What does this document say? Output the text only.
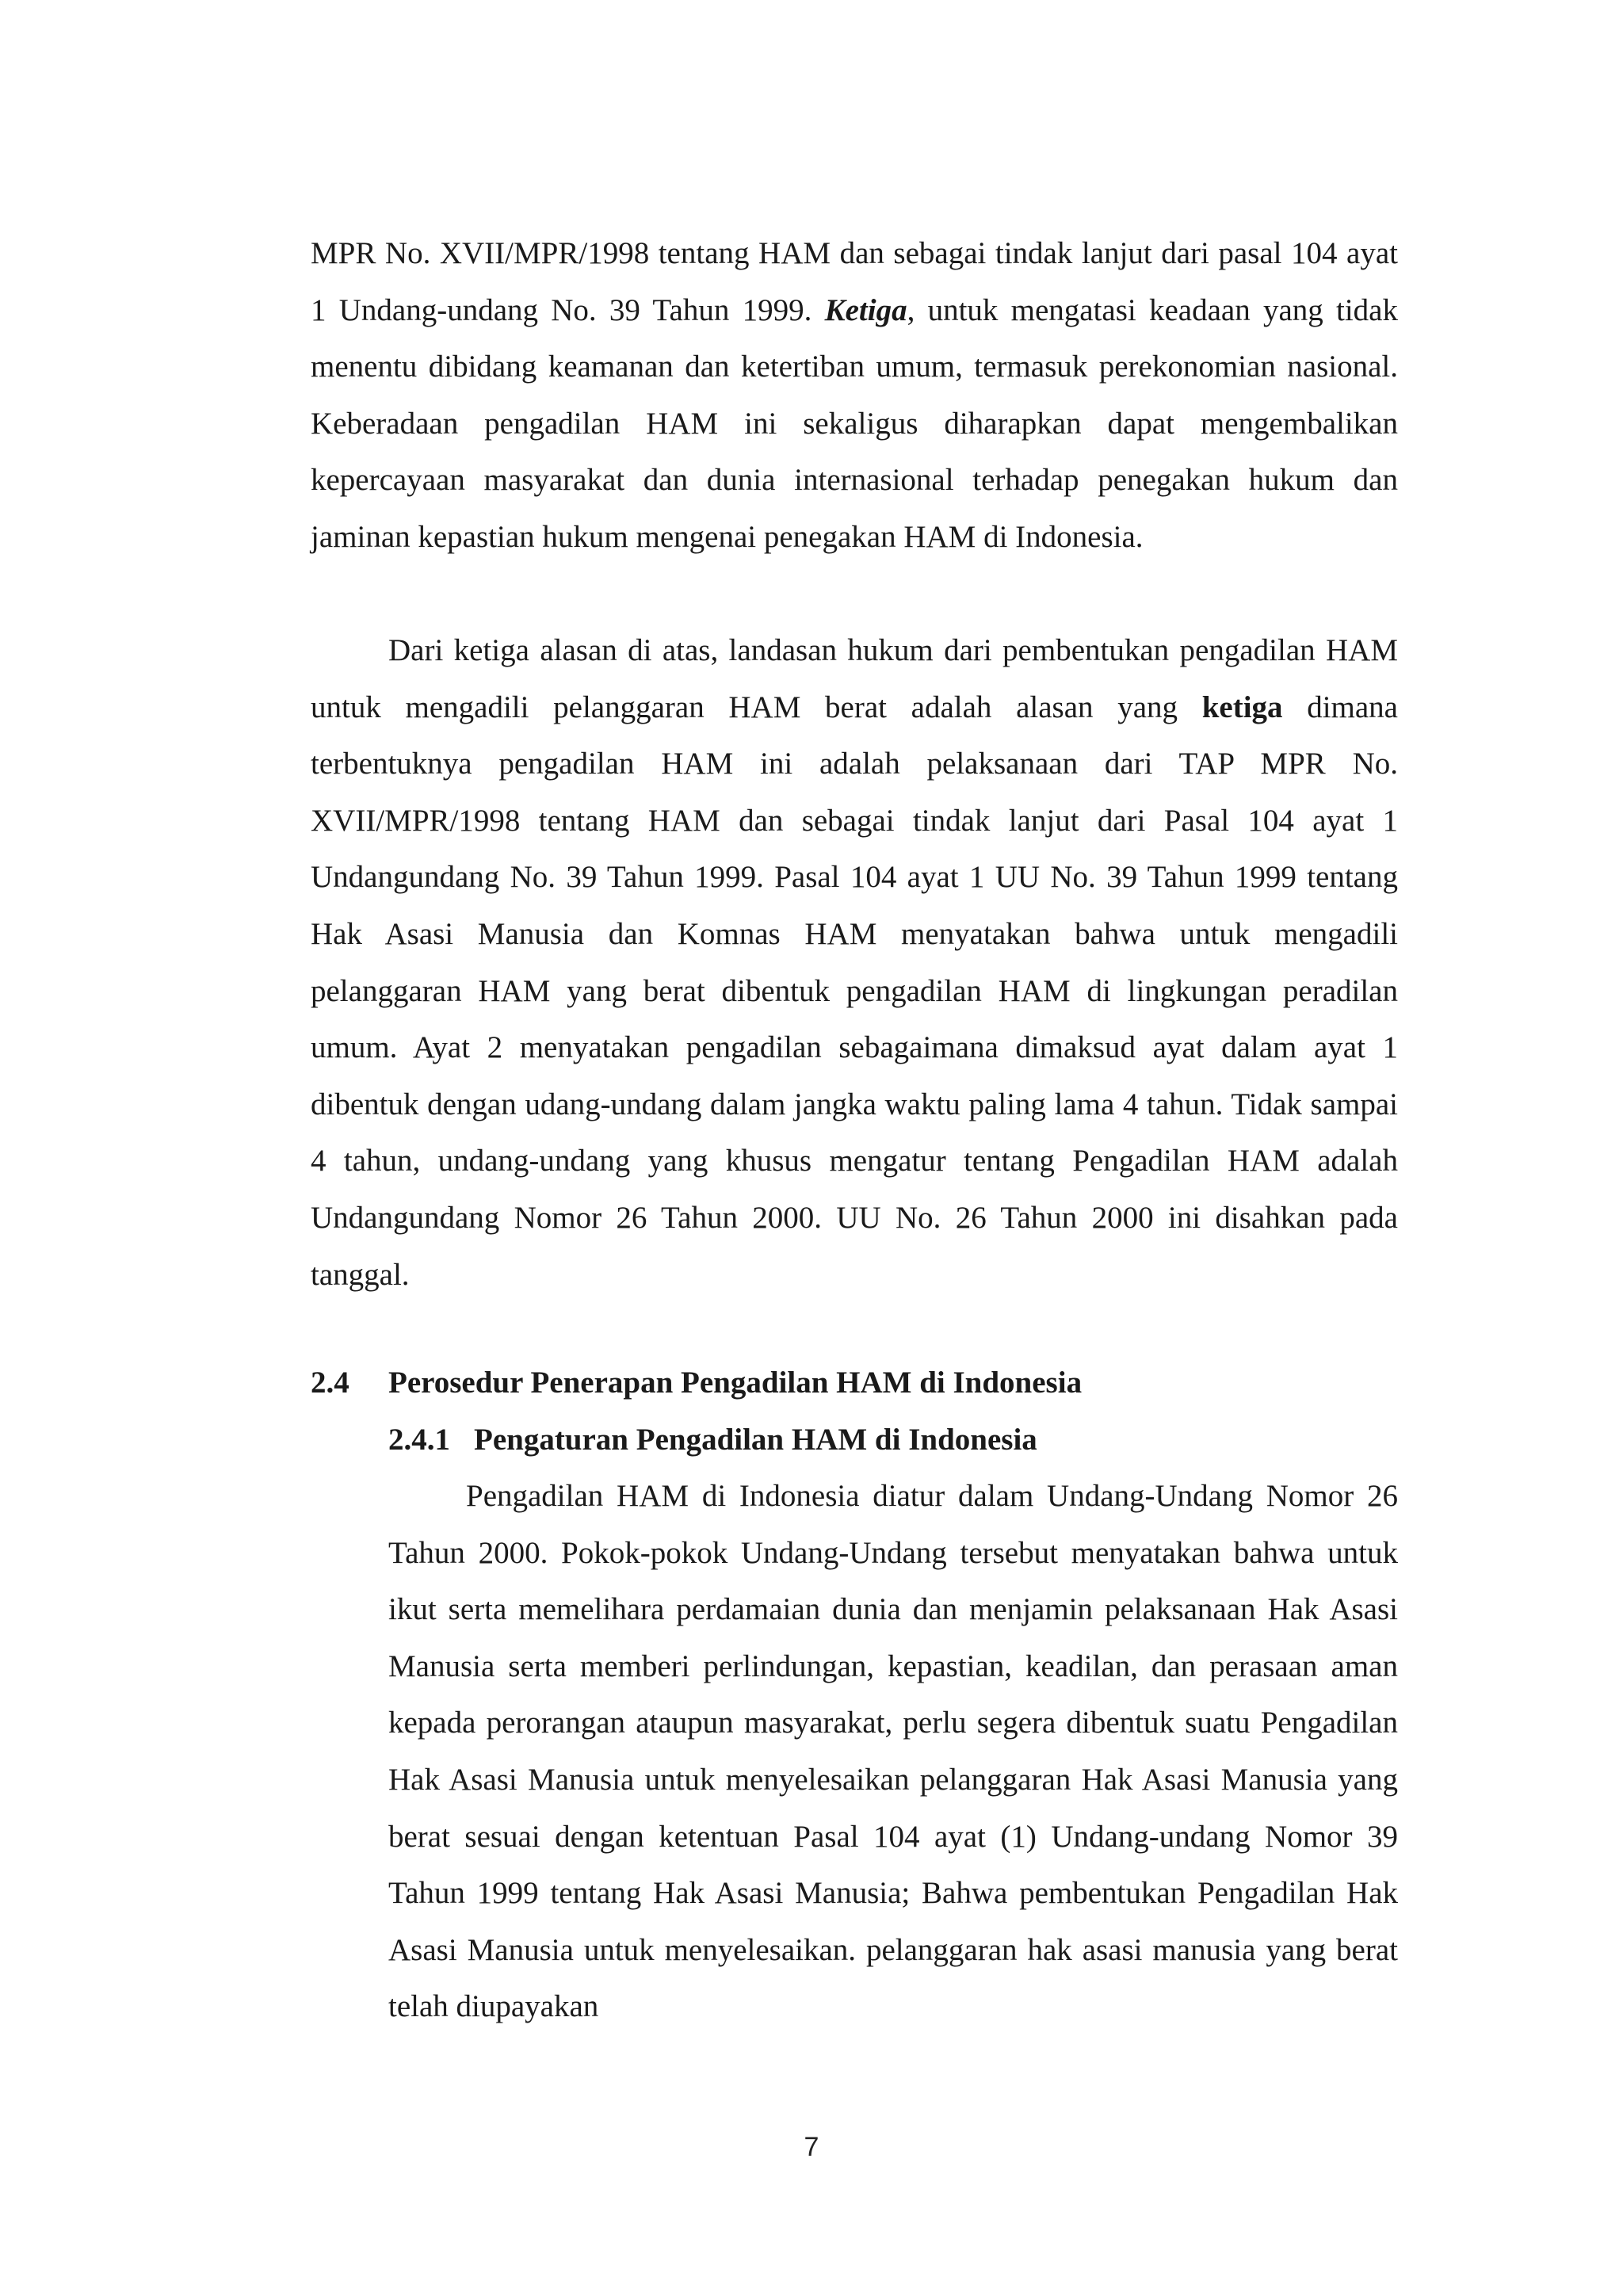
MPR No. XVII/MPR/1998 tentang HAM dan sebagai tindak lanjut dari pasal 104 ayat 1 Undang-undang No. 39 Tahun 1999. Ketiga, untuk mengatasi keadaan yang tidak menentu dibidang keamanan dan ketertiban umum, termasuk perekonomian nasional. Keberadaan pengadilan HAM ini sekaligus diharapkan dapat mengembalikan kepercayaan masyarakat dan dunia internasional terhadap penegakan hukum dan jaminan kepastian hukum mengenai penegakan HAM di Indonesia.

Dari ketiga alasan di atas, landasan hukum dari pembentukan pengadilan HAM untuk mengadili pelanggaran HAM berat adalah alasan yang ketiga dimana terbentuknya pengadilan HAM ini adalah pelaksanaan dari TAP MPR No. XVII/MPR/1998 tentang HAM dan sebagai tindak lanjut dari Pasal 104 ayat 1 Undangundang No. 39 Tahun 1999. Pasal 104 ayat 1 UU No. 39 Tahun 1999 tentang Hak Asasi Manusia dan Komnas HAM menyatakan bahwa untuk mengadili pelanggaran HAM yang berat dibentuk pengadilan HAM di lingkungan peradilan umum. Ayat 2 menyatakan pengadilan sebagaimana dimaksud ayat dalam ayat 1 dibentuk dengan udang-undang dalam jangka waktu paling lama 4 tahun. Tidak sampai 4 tahun, undang-undang yang khusus mengatur tentang Pengadilan HAM adalah Undangundang Nomor 26 Tahun 2000. UU No. 26 Tahun 2000 ini disahkan pada tanggal.

2.4 Perosedur Penerapan Pengadilan HAM di Indonesia
2.4.1 Pengaturan Pengadilan HAM di Indonesia

Pengadilan HAM di Indonesia diatur dalam Undang-Undang Nomor 26 Tahun 2000. Pokok-pokok Undang-Undang tersebut menyatakan bahwa untuk ikut serta memelihara perdamaian dunia dan menjamin pelaksanaan Hak Asasi Manusia serta memberi perlindungan, kepastian, keadilan, dan perasaan aman kepada perorangan ataupun masyarakat, perlu segera dibentuk suatu Pengadilan Hak Asasi Manusia untuk menyelesaikan pelanggaran Hak Asasi Manusia yang berat sesuai dengan ketentuan Pasal 104 ayat (1) Undang-undang Nomor 39 Tahun 1999 tentang Hak Asasi Manusia; Bahwa pembentukan Pengadilan Hak Asasi Manusia untuk menyelesaikan. pelanggaran hak asasi manusia yang berat telah diupayakan

7
